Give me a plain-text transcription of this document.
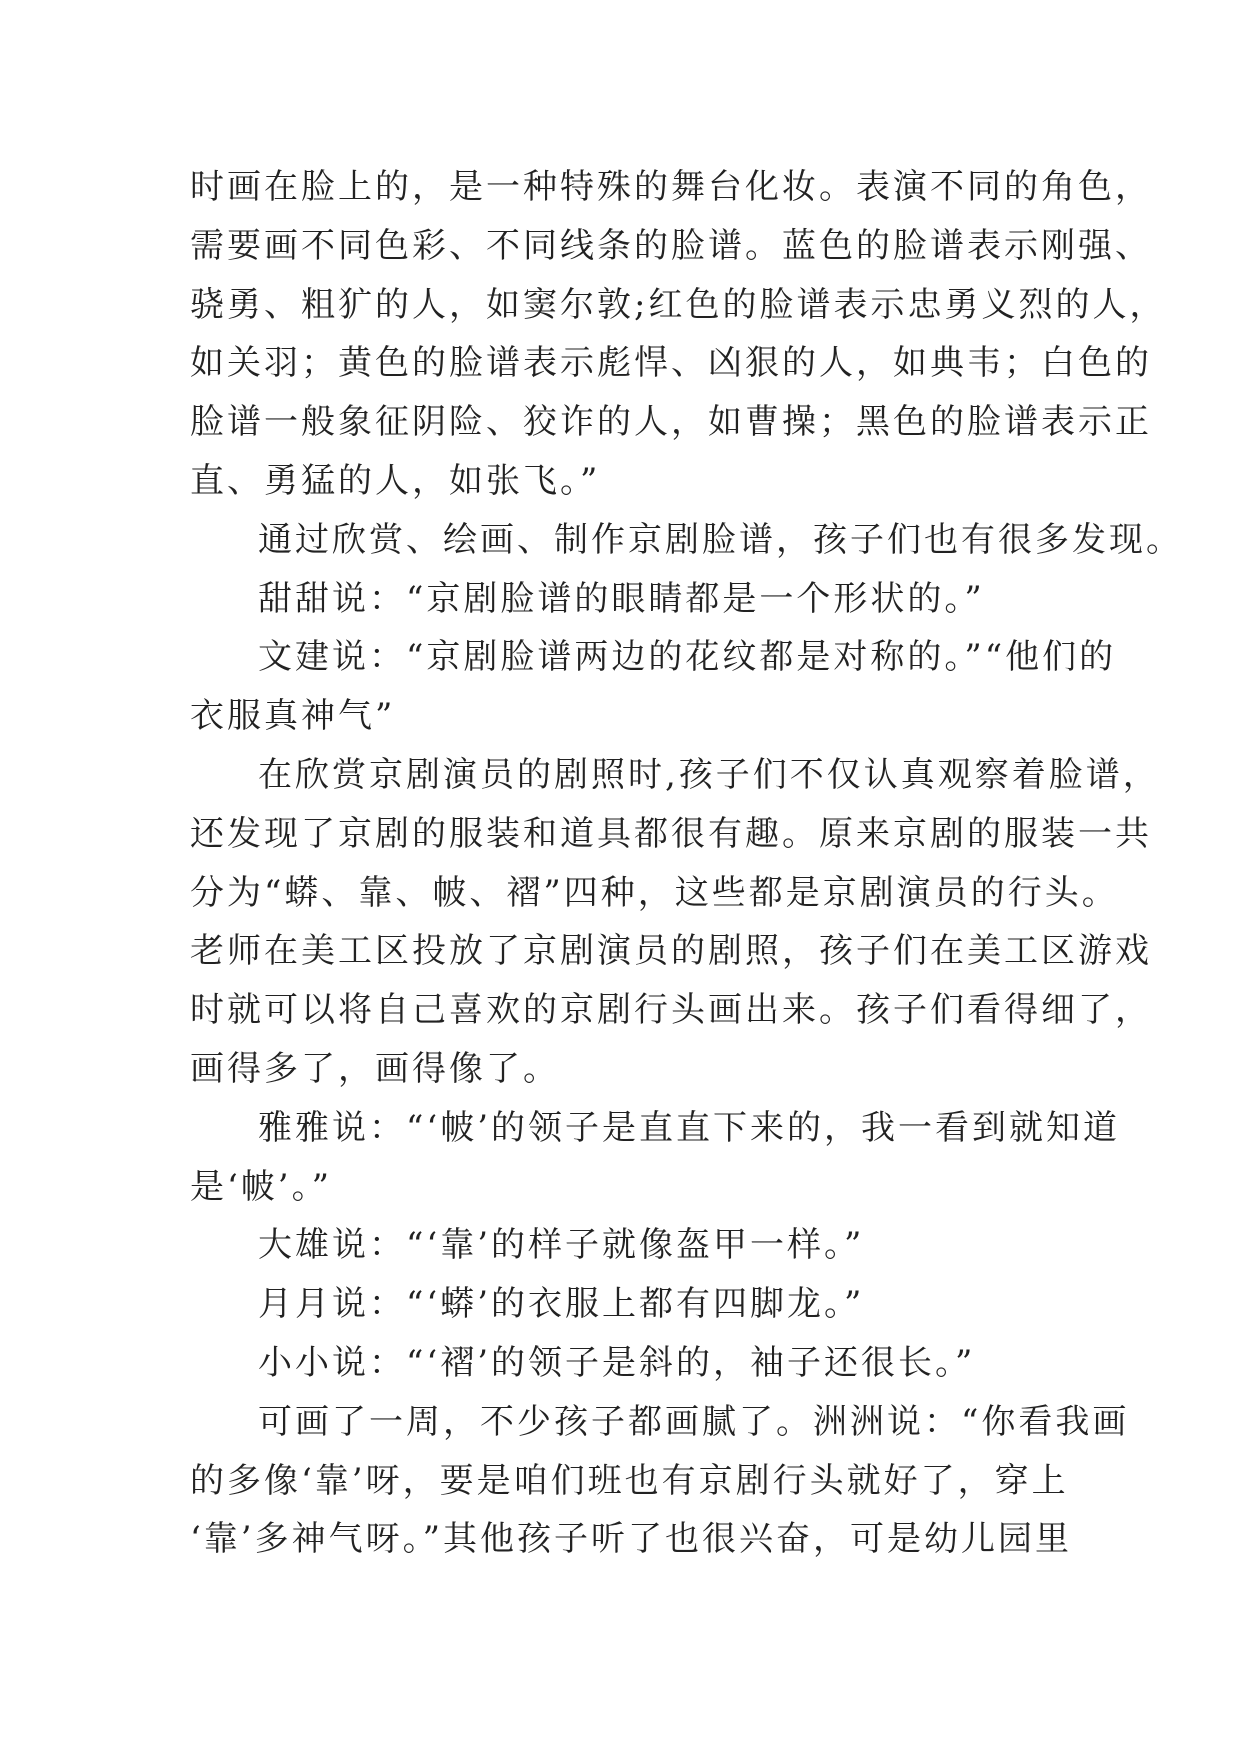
时画在脸上的，是一种特殊的舞台化妆。表演不同的角色，
需要画不同色彩、不同线条的脸谱。蓝色的脸谱表示刚强、
骁勇、粗犷的人，如窦尔敦;红色的脸谱表示忠勇义烈的人，
如关羽；黄色的脸谱表示彪悍、凶狠的人，如典韦；白色的
脸谱一般象征阴险、狡诈的人，如曹操；黑色的脸谱表示正
直、勇猛的人，如张飞。”
通过欣赏、绘画、制作京剧脸谱，孩子们也有很多发现。
甜甜说：“京剧脸谱的眼睛都是一个形状的。”
文建说：“京剧脸谱两边的花纹都是对称的。”“他们的
衣服真神气”
在欣赏京剧演员的剧照时,孩子们不仅认真观察着脸谱，
还发现了京剧的服装和道具都很有趣。原来京剧的服装一共
分为“蟒、靠、帔、褶”四种，这些都是京剧演员的行头。
老师在美工区投放了京剧演员的剧照，孩子们在美工区游戏
时就可以将自己喜欢的京剧行头画出来。孩子们看得细了，
画得多了，画得像了。
雅雅说：“‘帔’的领子是直直下来的，我一看到就知道
是‘帔’。”
大雄说：“‘靠’的样子就像盔甲一样。”
月月说：“‘蟒’的衣服上都有四脚龙。”
小小说：“‘褶’的领子是斜的，袖子还很长。”
可画了一周，不少孩子都画腻了。洲洲说：“你看我画
的多像‘靠’呀，要是咱们班也有京剧行头就好了，穿上
‘靠’多神气呀。”其他孩子听了也很兴奋，可是幼儿园里
